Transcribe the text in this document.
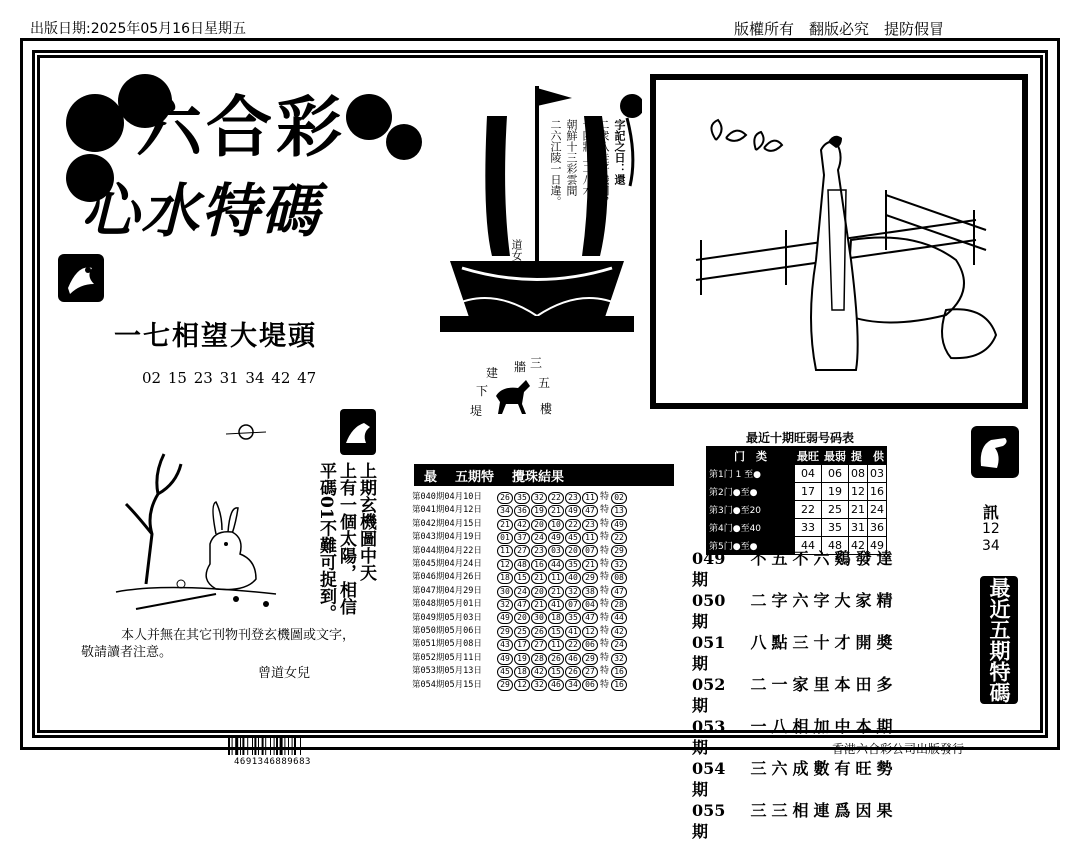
出版日期:2025年05月16日星期五	版權所有　翻版必究　提防假冒
六合彩
心水特碼
一七相望大堤頭
02 15 23 31 34 42 47
字記之日：還
二衆八桂好機圖，
十四牆上二八木。
朝鮮十三彩雲間
二六江陵一日違。
道女兒
三
牆
五
樓
建
下
堤
本人并無在其它刊物刊登玄機圖或文字，
敬請讀者注意。
曾道女兒
上期玄機圖中天
上有一個太陽，相信
平碼01不難可捉到。	最 五期特 攪珠結果
第040期04月10日	26 35 32 22 23 11 特 02
第041期04月12日	34 36 19 21 49 47 特 13
第042期04月15日	21 42 20 10 22 23 特 49
第043期04月19日	01 37 24 49 45 11 特 22
第044期04月22日	11 27 23 03 20 07 特 29
第045期04月24日	12 48 16 44 35 21 特 32
第046期04月26日	18 15 21 11 40 29 特 08
第047期04月29日	30 24 20 21 32 38 特 47
第048期05月01日	32 47 21 41 07 04 特 28
第049期05月03日	49 20 30 18 35 47 特 44
第050期05月06日	29 25 26 15 41 12 特 42
第051期05月08日	43 17 27 11 22 06 特 24
第052期05月11日	49 19 28 26 46 29 特 32
第053期05月13日	45 18 42 15 26 27 特 16
第054期05月15日	29 12 32 46 34 06 特 16
最近十期旺弱号码表
门　类	最旺	最弱	提　供	
第1门 1 至●	04	06	08	03
第2门●至●	17	19	12	16
第3门●至20	22	25	21	24
第4门●至40	33	35	31	36
第5门●至●	44	48	42	49
訊
12
34
最近五期特碼诗
049期
不 五 不 六 鷄 發 達
050期
二 字 六 字 大 家 精
051期
八 點 三 十 才 開 奬
052期
二 一 家 里 本 田 多
053期
一 八 相 加 中 本 期
054期
三 六 成 數 有 旺 勢
055期
三 三 相 連 爲 因 果
4691346889683
香港六合彩公司出版發行
